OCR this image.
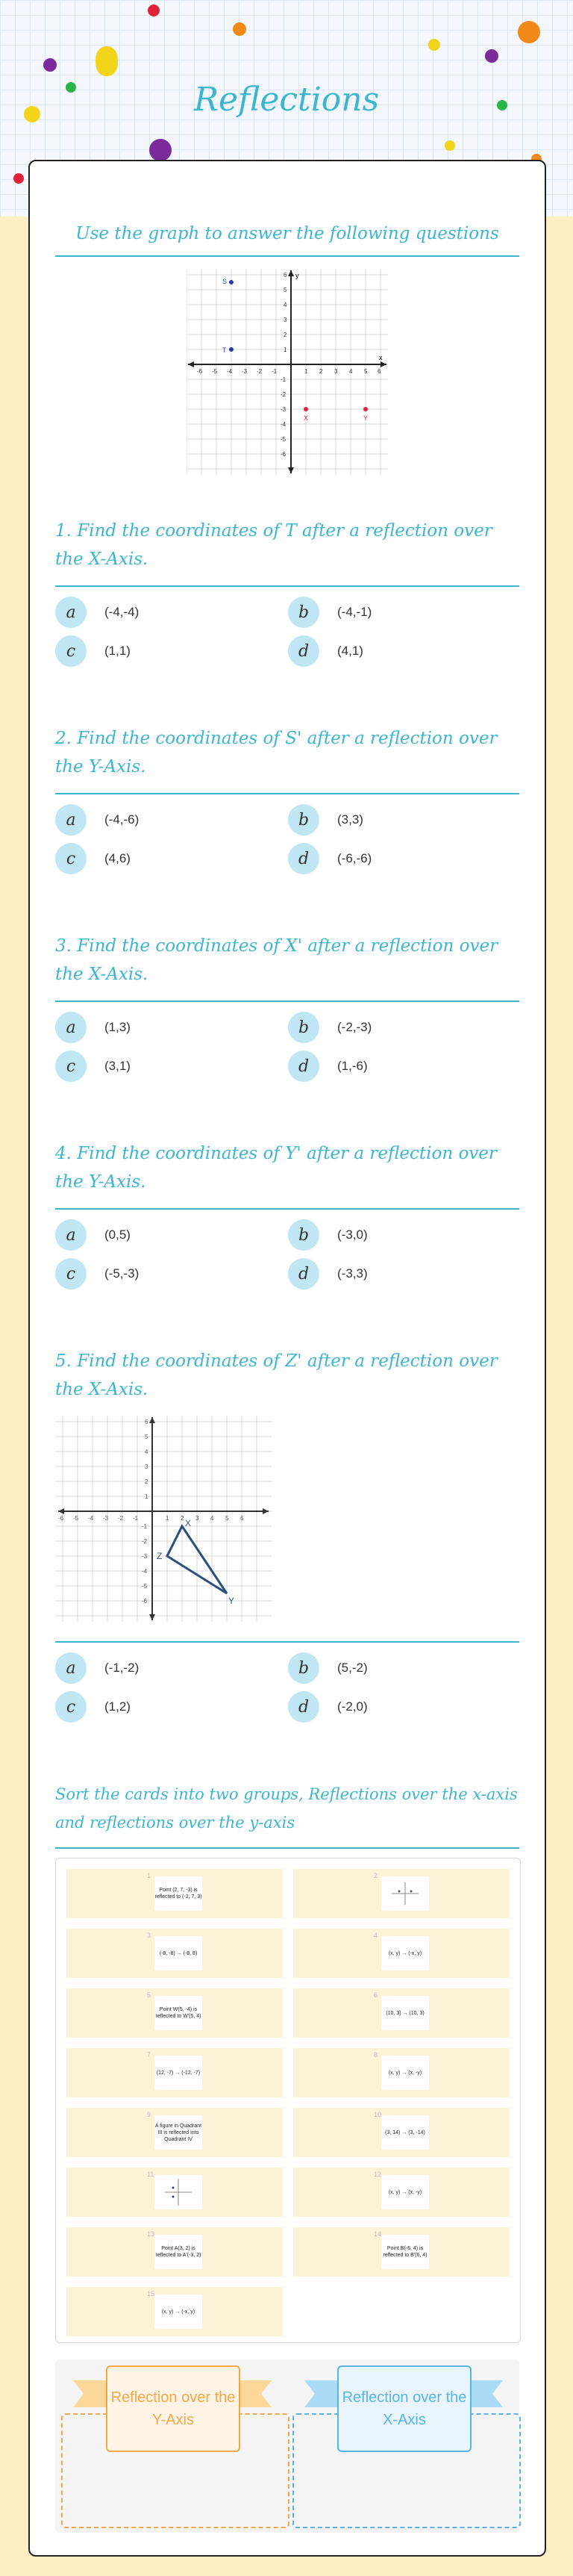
Reflections
Use the graph to answer the following questions
x
y
-6 -5 -4 -3 -2 -1	1 2 3 4 5 6
6
5
4
3
2
1
-1
-2
-3
-4
-5
-6
S
T
X	Y
1. Find the coordinates of T after a reflection over the X-Axis.
a	(-4,-4)	b	(-4,-1)
c	(1,1)	d	(4,1)
2. Find the coordinates of S' after a reflection over the Y-Axis.
a	(-4,-6)	b	(3,3)
c	(4,6)	d	(-6,-6)
3. Find the coordinates of X' after a reflection over the X-Axis.
a	(1,3)	b	(-2,-3)
c	(3,1)	d	(1,-6)
4. Find the coordinates of Y' after a reflection over the Y-Axis.
a	(0,5)	b	(-3,0)
c	(-5,-3)	d	(-3,3)
5. Find the coordinates of Z' after a reflection over the X-Axis.
-6 -5 -4 -3 -2 -1	1 2 3 4 5 6
6
5
4
3
2
1
-1
-2
-3
-4
-5
-6
Z
X
Y
a	(-1,-2)	b	(5,-2)
c	(1,2)	d	(-2,0)
Sort the cards into two groups, Reflections over the x-axis and reflections over the y-axis
1
Point (2, 7, -3) is reflected to (-2, 7, 3)
2
3
(-8, -8) → (-8, 8)
4
(x, y) → (-x, y)
5
Point W(5, -4) is reflected to W'(5, 4)
6
(10, 3) → (10, 3)
7
(12, -7) → (-12, -7)
8
(x, y) → (x, -y)
9
A figure in Quadrant III is reflected into Quadrant IV
10
(3, 14) → (3, -14)
11	12
(x, y) → (x, -y)
13
Point A(3, 2) is reflected to A'(-3, 2)
14
Point B(-6, 4) is reflected to B'(6, 4)
15
(x, y) → (-x, y)
Reflection over the Y-Axis
Reflection over the X-Axis
